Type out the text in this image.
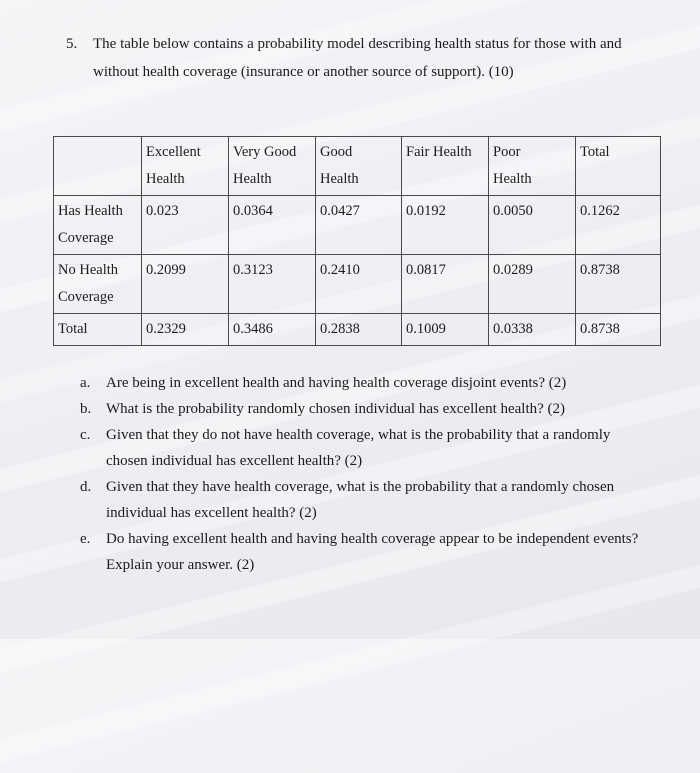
5. The table below contains a probability model describing health status for those with and
without health coverage (insurance or another source of support). (10)

	Excellent
Health	Very Good
Health	Good
Health	Fair Health	Poor
Health	Total

Has Health
Coverage	0.023	0.0364	0.0427	0.0192	0.0050	0.1262

No Health
Coverage	0.2099	0.3123	0.2410	0.0817	0.0289	0.8738

Total	0.2329	0.3486	0.2838	0.1009	0.0338	0.8738
a. Are being in excellent health and having health coverage disjoint events? (2)
b. What is the probability randomly chosen individual has excellent health? (2)
c. Given that they do not have health coverage, what is the probability that a randomly
chosen individual has excellent health? (2)
d. Given that they have health coverage, what is the probability that a randomly chosen
individual has excellent health? (2)
e. Do having excellent health and having health coverage appear to be independent events?
Explain your answer. (2)
